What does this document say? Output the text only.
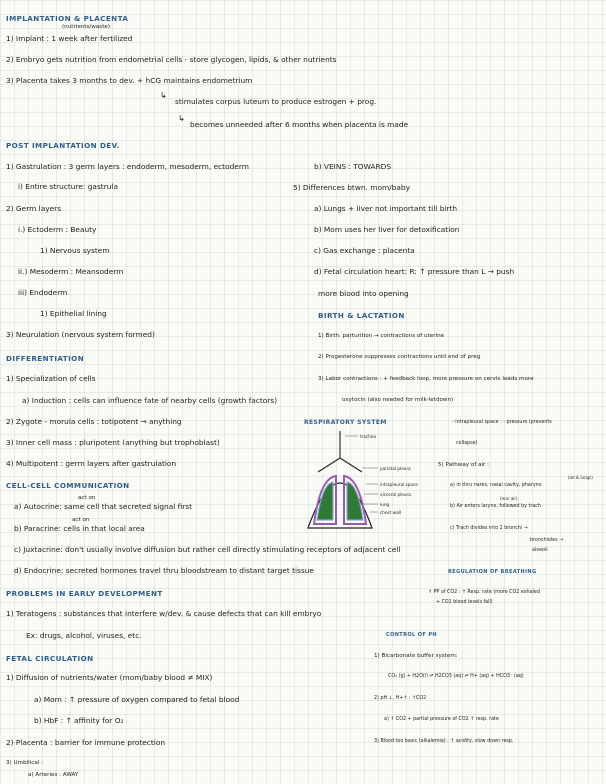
IMPLANTATION & PLACENTA
(nutrients/waste)
1) Implant : 1 week after fertilized
2) Embryo gets nutrition from endometrial cells - store glycogen, lipids, & other nutrients
3) Placenta takes 3 months to dev. + hCG maintains endometrium
↳
stimulates corpus luteum to produce estrogen + prog.
↳
becomes unneeded after 6 months when placenta is made
POST IMPLANTATION DEV.
1) Gastrulation : 3 germ layers : endoderm, mesoderm, ectoderm
i) Entire structure: gastrula
2) Germ layers
i.) Ectoderm : Beauty
1) Nervous system
ii.) Mesoderm : Meansoderm
iii) Endoderm
1) Epithelial lining
3) Neurulation (nervous system formed)
b) VEINS : TOWARDS
5) Differences btwn. mom/baby
a) Lungs + liver not important till birth
b) Mom uses her liver for detoxification
c) Gas exchange : placenta
d) Fetal circulation heart: R: ↑ pressure than L → push
more blood into opening
BIRTH & LACTATION
1) Birth: parturition → contractions of uterine
2) Progesterone suppresses contractions until end of preg
3) Labor contractions : + feedback loop, more pressure on cervix leads more
oxytocin (also needed for milk-letdown)
DIFFERENTIATION
1) Specialization of cells
a) Induction : cells can influence fate of nearby cells (growth factors)
2) Zygote - morula cells : totipotent → anything
3) Inner cell mass : pluripotent (anything but trophoblast)
4) Multipotent : germ layers after gastrulation
RESPIRATORY SYSTEM
trachea
parietal pleura
intrapleural space
visceral pleura
lung
chest wall
- intrapleural space : - pressure (prevents
collapse)
5) Pathway of air :
(air & lungs)
a) in thru nares, nasal cavity, pharynx
(mor air)
b) Air enters larynx, followed by trach
c) Trach divides into 2 bronchi →
bronchioles →
alveoli
REGULATION OF BREATHING
↑ PP of CO2 : ↑ Resp. rate (more CO2 exhaled
+ CO2 blood levels fall)
CELL-CELL COMMUNICATION
act on
a) Autocrine: same cell that secreted signal first
act on
b) Paracrine: cells in that local area
c) Juxtacrine: don't usually involve diffusion but rather cell directly stimulating receptors of adjacent cell
d) Endocrine: secreted hormones travel thru bloodstream to distant target tissue
PROBLEMS IN EARLY DEVELOPMENT
1) Teratogens : substances that interfere w/dev. & cause defects that can kill embryo
Ex: drugs, alcohol, viruses, etc.
FETAL CIRCULATION
1) Diffusion of nutrients/water (mom/baby blood ≠ MIX)
a) Mom : ↑ pressure of oxygen compared to fetal blood
b) HbF : ↑ affinity for O₂
2) Placenta : barrier for immune protection
3) Umbilical :
a) Arteries : AWAY
CONTROL OF PH
1) Bicarbonate buffer system:
CO₂ (g) + H2O(l) ⇌ H2CO3 (aq) ⇌ H+ (aq) + HCO3⁻ (aq)
2) pH ↓, H+↑ : ↑CO2
a) ↑ CO2 + partial pressure of CO2 ↑ resp. rate
3) Blood too basic (alkalemia) : ↑ acidity, slow down resp.
